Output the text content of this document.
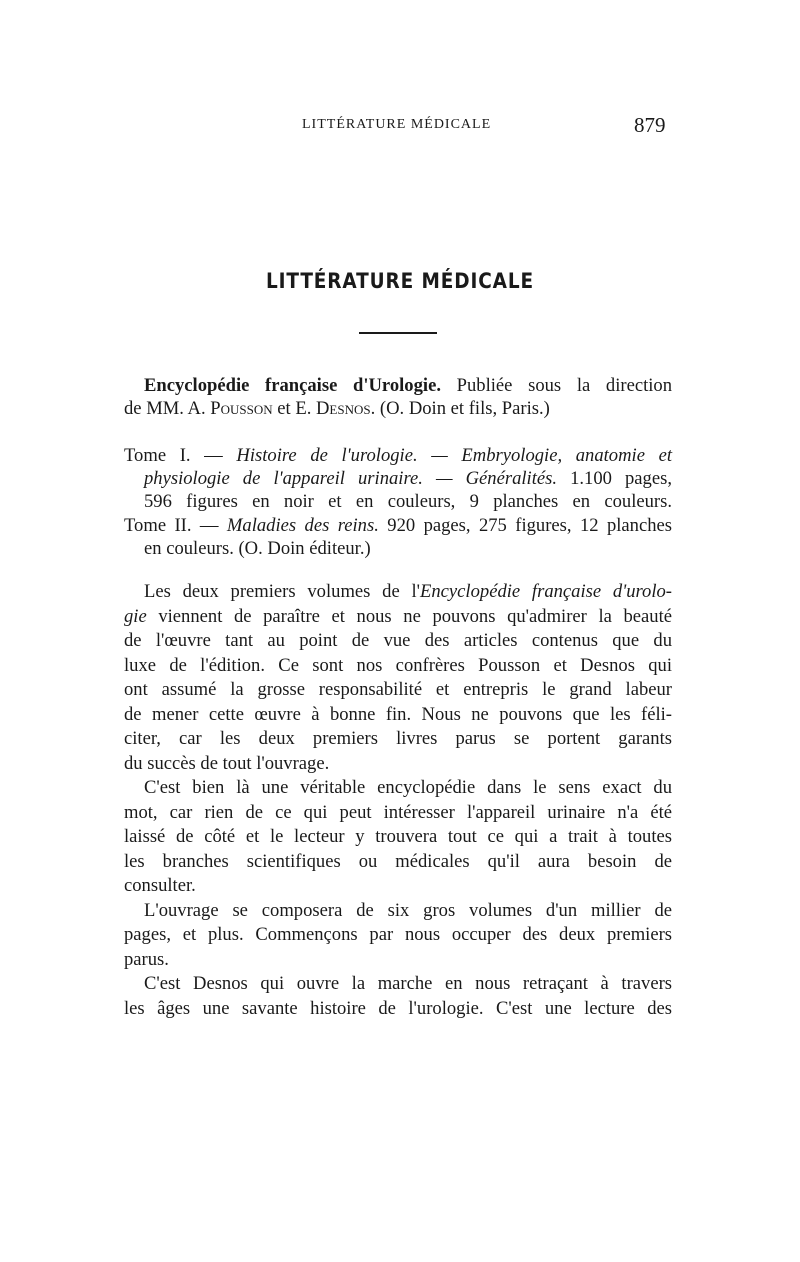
LITTÉRATURE MÉDICALE	879
LITTÉRATURE MÉDICALE
Encyclopédie française d'Urologie. Publiée sous la direction
de MM. A. Pousson et E. Desnos. (O. Doin et fils, Paris.)
Tome I. — Histoire de l'urologie. — Embryologie, anatomie et
physiologie de l'appareil urinaire. — Généralités. 1.100 pages,
596 figures en noir et en couleurs, 9 planches en couleurs.
Tome II. — Maladies des reins. 920 pages, 275 figures, 12 planches
en couleurs. (O. Doin éditeur.)
Les deux premiers volumes de l'Encyclopédie française d'urolo-
gie viennent de paraître et nous ne pouvons qu'admirer la beauté
de l'œuvre tant au point de vue des articles contenus que du
luxe de l'édition. Ce sont nos confrères Pousson et Desnos qui
ont assumé la grosse responsabilité et entrepris le grand labeur
de mener cette œuvre à bonne fin. Nous ne pouvons que les féli-
citer, car les deux premiers livres parus se portent garants
du succès de tout l'ouvrage.
C'est bien là une véritable encyclopédie dans le sens exact du
mot, car rien de ce qui peut intéresser l'appareil urinaire n'a été
laissé de côté et le lecteur y trouvera tout ce qui a trait à toutes
les branches scientifiques ou médicales qu'il aura besoin de
consulter.
L'ouvrage se composera de six gros volumes d'un millier de
pages, et plus. Commençons par nous occuper des deux premiers
parus.
C'est Desnos qui ouvre la marche en nous retraçant à travers
les âges une savante histoire de l'urologie. C'est une lecture des
